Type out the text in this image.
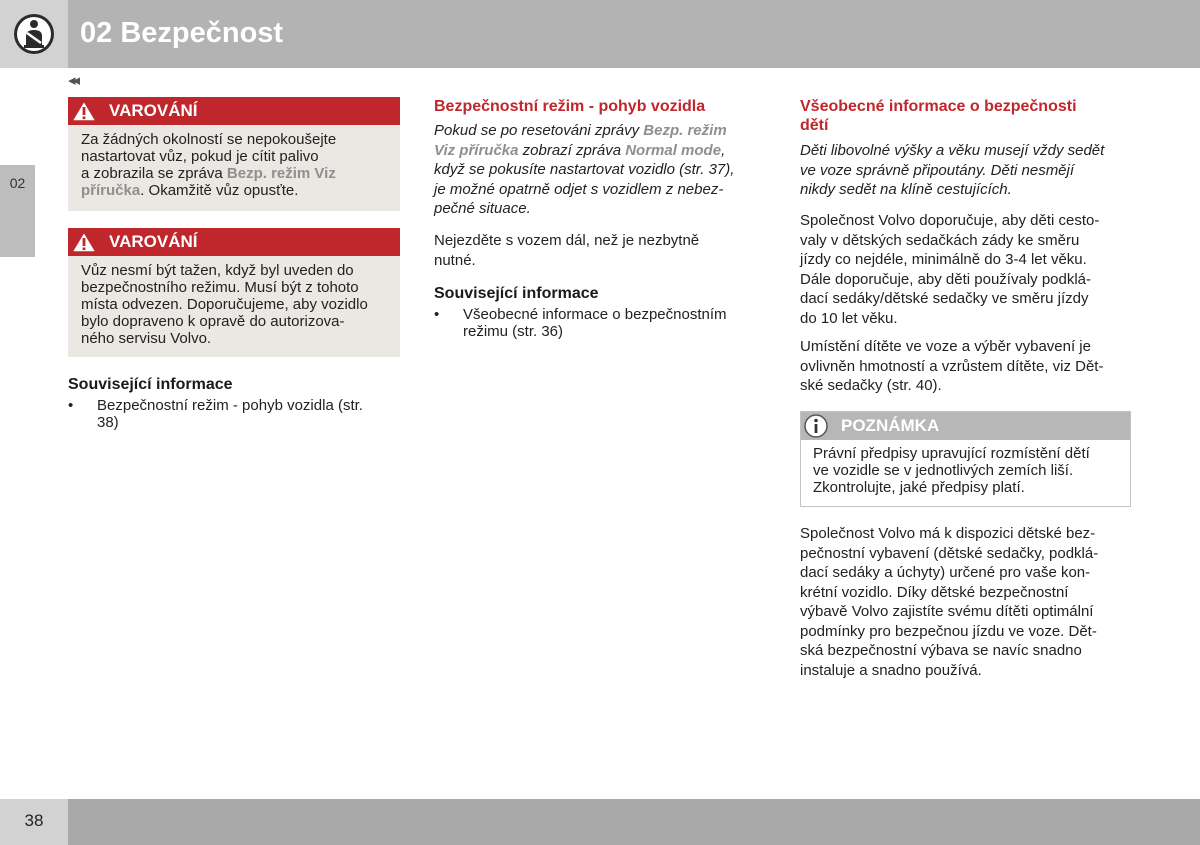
02 Bezpečnost
◂◂
02
VAROVÁNÍ
Za žádných okolností se nepokoušejte
nastartovat vůz, pokud je cítit palivo
a zobrazila se zpráva Bezp. režim Viz
příručka. Okamžitě vůz opusťte.
VAROVÁNÍ
Vůz nesmí být tažen, když byl uveden do
bezpečnostního režimu. Musí být z tohoto
místa odvezen. Doporučujeme, aby vozidlo
bylo dopraveno k opravě do autorizova-
ného servisu Volvo.
Související informace
• Bezpečnostní režim - pohyb vozidla (str.
38)
Bezpečnostní režim - pohyb vozidla
Pokud se po resetováni zprávy Bezp. režim
Viz příručka zobrazí zpráva Normal mode,
když se pokusíte nastartovat vozidlo (str. 37),
je možné opatrně odjet s vozidlem z nebez-
pečné situace.
Nejezděte s vozem dál, než je nezbytně
nutné.
Související informace
• Všeobecné informace o bezpečnostním
režimu (str. 36)
Všeobecné informace o bezpečnosti
dětí
Děti libovolné výšky a věku musejí vždy sedět
ve voze správně připoutány. Děti nesmějí
nikdy sedět na klíně cestujících.
Společnost Volvo doporučuje, aby děti cesto-
valy v dětských sedačkách zády ke směru
jízdy co nejdéle, minimálně do 3-4 let věku.
Dále doporučuje, aby děti používaly podklá-
dací sedáky/dětské sedačky ve směru jízdy
do 10 let věku.
Umístění dítěte ve voze a výběr vybavení je
ovlivněn hmotností a vzrůstem dítěte, viz Dět-
ské sedačky (str. 40).
POZNÁMKA
Právní předpisy upravující rozmístění dětí
ve vozidle se v jednotlivých zemích liší.
Zkontrolujte, jaké předpisy platí.
Společnost Volvo má k dispozici dětské bez-
pečnostní vybavení (dětské sedačky, podklá-
dací sedáky a úchyty) určené pro vaše kon-
krétní vozidlo. Díky dětské bezpečnostní
výbavě Volvo zajistíte svému dítěti optimální
podmínky pro bezpečnou jízdu ve voze. Dět-
ská bezpečnostní výbava se navíc snadno
instaluje a snadno používá.
38
